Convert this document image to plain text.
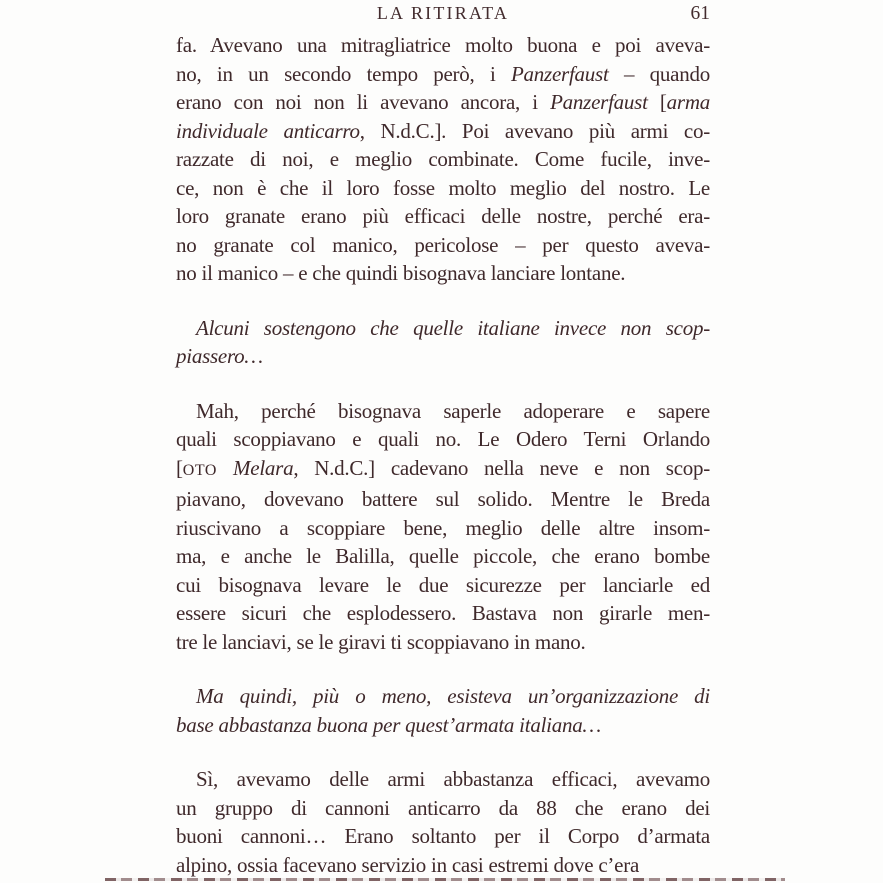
LA RITIRATA	61
fa. Avevano una mitragliatrice molto buona e poi aveva-
no, in un secondo tempo però, i Panzerfaust – quando
erano con noi non li avevano ancora, i Panzerfaust [arma
individuale anticarro, N.d.C.]. Poi avevano più armi co-
razzate di noi, e meglio combinate. Come fucile, inve-
ce, non è che il loro fosse molto meglio del nostro. Le
loro granate erano più efficaci delle nostre, perché era-
no granate col manico, pericolose – per questo aveva-
no il manico – e che quindi bisognava lanciare lontane.
Alcuni sostengono che quelle italiane invece non scop-
piassero…
Mah, perché bisognava saperle adoperare e sapere
quali scoppiavano e quali no. Le Odero Terni Orlando
[OTO Melara, N.d.C.] cadevano nella neve e non scop-
piavano, dovevano battere sul solido. Mentre le Breda
riuscivano a scoppiare bene, meglio delle altre insom-
ma, e anche le Balilla, quelle piccole, che erano bombe
cui bisognava levare le due sicurezze per lanciarle ed
essere sicuri che esplodessero. Bastava non girarle men-
tre le lanciavi, se le giravi ti scoppiavano in mano.
Ma quindi, più o meno, esisteva un’organizzazione di
base abbastanza buona per quest’armata italiana…
Sì, avevamo delle armi abbastanza efficaci, avevamo
un gruppo di cannoni anticarro da 88 che erano dei
buoni cannoni… Erano soltanto per il Corpo d’armata
alpino, ossia facevano servizio in casi estremi dove c’era
